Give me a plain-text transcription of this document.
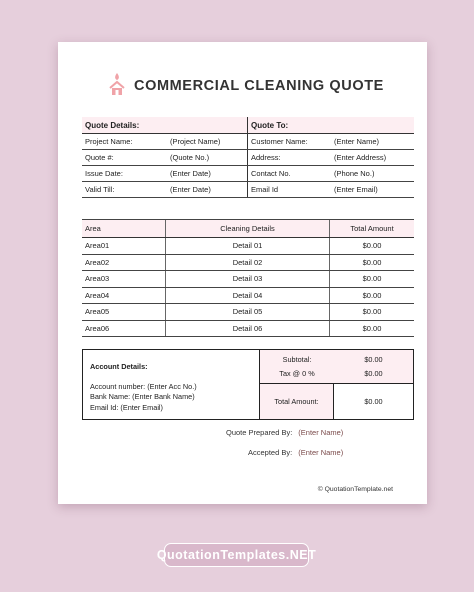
COMMERCIAL CLEANING QUOTE
Quote Details:	Quote To:
Project Name:	(Project Name)	Customer Name:	(Enter Name)
Quote #:	(Quote No.)	Address:	(Enter Address)
Issue Date:	(Enter Date)	Contact No.	(Phone No.)
Valid Till:	(Enter Date)	Email Id	(Enter Email)
Area	Cleaning Details	Total Amount
Area01	Detail 01	$0.00
Area02	Detail 02	$0.00
Area03	Detail 03	$0.00
Area04	Detail 04	$0.00
Area05	Detail 05	$0.00
Area06	Detail 06	$0.00
Account Details:
Account number: (Enter Acc No.)
Bank Name: (Enter Bank Name)
Email Id: (Enter Email)
Subtotal:	$0.00
Tax @ 0 %	$0.00
Total Amount:	$0.00
Quote Prepared By: (Enter Name)
Accepted By: (Enter Name)
© QuotationTemplate.net
QuotationTemplates.NET
